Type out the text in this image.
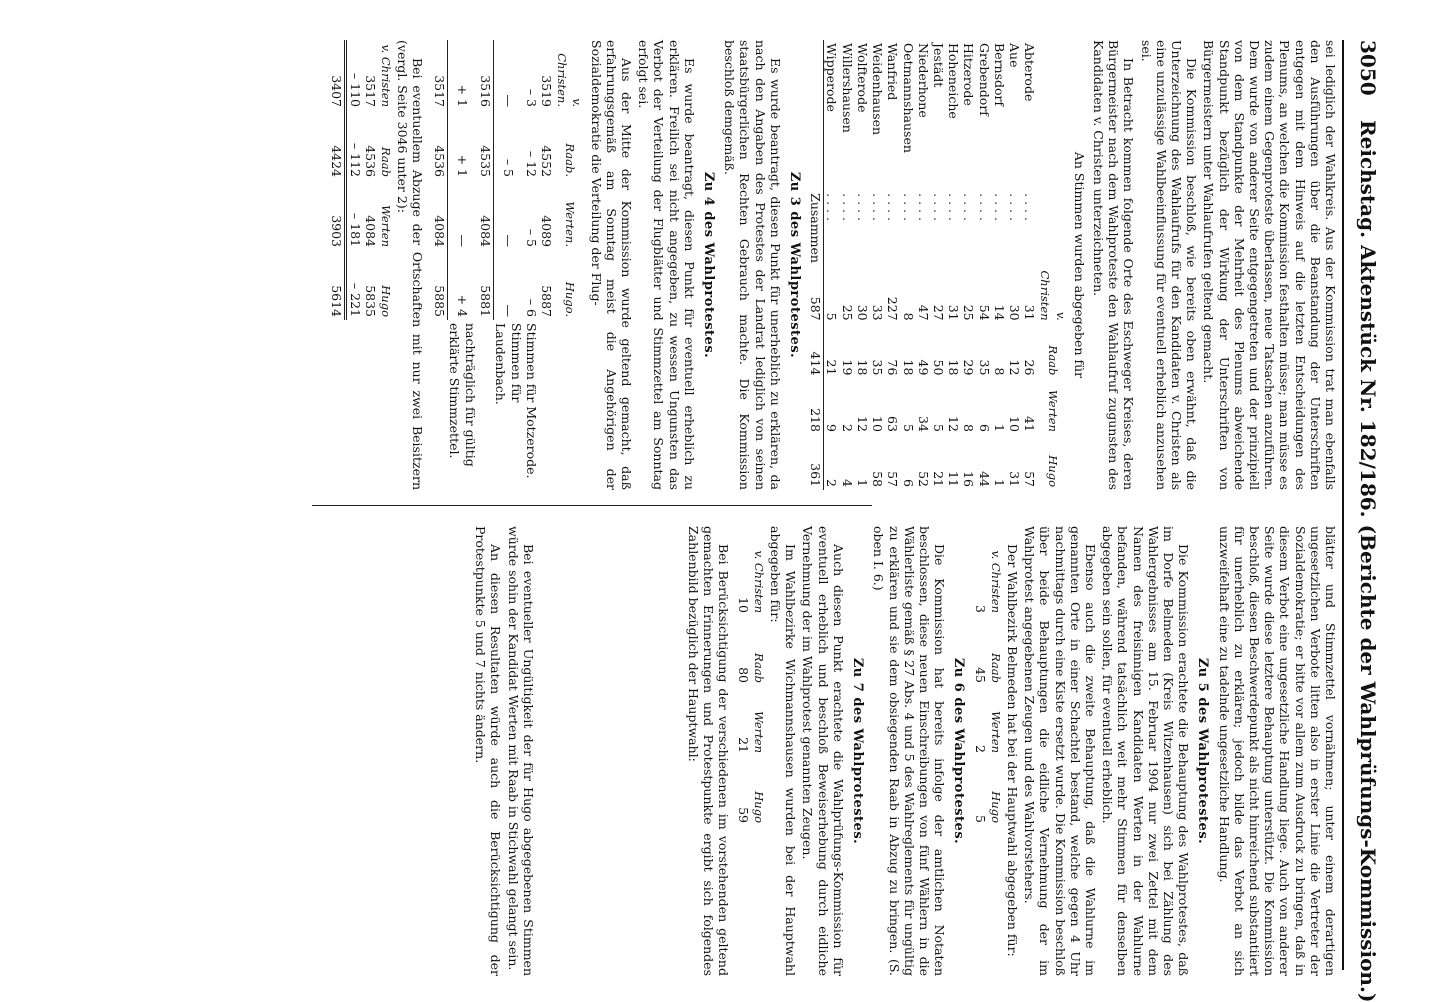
3050
Reichstag. Aktenstück Nr. 182/186. (Berichte der Wahlprüfungs-Kommission.)

sei lediglich der Wahlkreis. Aus der Kommission trat man ebenfalls den Ausführungen über die Beanstandung der Unterschriften entgegen mit dem Hinweis auf die letzten Entscheidungen des Plenums, an welchen die Kommission festhalten müsse; man müsse es zudem einem Gegenproteste überlassen, neue Tatsachen anzuführen. Dem wurde von anderer Seite entgegengetreten und der prinzipiell von dem Standpunkte der Mehrheit des Plenums abweichende Standpunkt bezüglich der Wirkung der Unterschriften von Bürgermeistern unter Wahlaufrufen geltend gemacht.

Die Kommission beschloß, wie bereits oben erwähnt, daß die Unterzeichnung des Wahlaufrufs für den Kandidaten v. Christen als eine unzulässige Wahlbeeinflussung für eventuell erheblich anzusehen sei.

In Betracht kommen folgende Orte des Eschweger Kreises, deren Bürgermeister nach dem Wahlproteste den Wahlaufruf zugunsten des Kandidaten v. Christen unterzeichneten.

An Stimmen wurden abgegeben für

		v. Christen	Raab	Werten	Hugo
Abterode	. . . .	31	26	41	57
Aue	. . . .	30	12	10	31
Bernsdorf	. . . .	14	8	1	1
Grebendorf	. . . .	54	35	6	44
Hitzerode	. . . .	25	29	8	16
Hoheneiche	. . . .	31	18	12	11
Jestädt	. . . .	27	50	5	21
Niederhone	. . . .	47	49	34	52
Oetmannshausen	. . . .	8	18	5	6
Wanfried	. . . .	227	76	63	57
Weidenhausen	. . . .	33	35	10	58
Wolfterode	. . . .	30	18	12	1
Willershausen	. . . .	25	19	2	4
Wipperode	. . . .	5	21	9	2
	Zusammen	587	414	218	361
Zu 3 des Wahlprotestes.

Es wurde beantragt, diesen Punkt für unerheblich zu erklären, da nach den Angaben des Protestes der Landrat lediglich von seinen staatsbürgerlichen Rechten Gebrauch machte. Die Kommission beschloß demgemäß.

Zu 4 des Wahlprotestes.

Es wurde beantragt, diesen Punkt für eventuell erheblich zu erklären. Freilich sei nicht angegeben, zu wessen Ungunsten das Verbot der Verteilung der Flugblätter und Stimmzettel am Sonntag erfolgt sei.

Aus der Mitte der Kommission wurde geltend gemacht, daß erfahrungsgemäß am Sonntag meist die Angehörigen der Sozialdemokratie die Verteilung der Flug-

v. Christen.	Raab.	Werten.	Hugo.	
3519	4552	4089	5887	
– 3	– 12	– 5	– 6	Stimmen für Motzerode.
—	– 5	—	—	Stimmen für Laudenbach.
3516	4535	4084	5881	
+ 1	+ 1	—	+ 4	nachträglich für gültig erklärte Stimmzettel.
3517	4536	4084	5885	

Bei eventuellem Abzuge der Ortschaften mit nur zwei Beisitzern (vergl. Seite 3046 unter 2):

v. Christen	Raab	Werten	Hugo
3517	4536	4084	5835
– 110	– 112	– 181	– 221
3407	4424	3903	5614

blätter und Stimmzettel vornähmen; unter einem derartigen ungesetzlichen Verbote litten also in erster Linie die Vertreter der Sozialdemokratie; er bitte vor allem zum Ausdruck zu bringen, daß in diesem Verbot eine ungesetzliche Handlung liege. Auch von anderer Seite wurde diese letztere Behauptung unterstützt. Die Kommission beschloß, diesen Beschwerdepunkt als nicht hinreichend substantiiert für unerheblich zu erklären; jedoch bilde das Verbot an sich unzweifelhaft eine zu tadelnde ungesetzliche Handlung.

Zu 5 des Wahlprotestes.

Die Kommission erachtete die Behauptung des Wahlprotestes, daß im Dorfe Belmeden (Kreis Witzenhausen) sich bei Zählung des Wahlergebnisses am 15. Februar 1904 nur zwei Zettel mit dem Namen des freisinnigen Kandidaten Werten in der Wahlurne befanden, während tatsächlich weit mehr Stimmen für denselben abgegeben sein sollen, für eventuell erheblich.

Ebenso auch die zweite Behauptung, daß die Wahlurne im genannten Orte in einer Schachtel bestand, welche gegen 4 Uhr nachmittags durch eine Kiste ersetzt wurde. Die Kommission beschloß über beide Behauptungen die eidliche Vernehmung der im Wahlprotest angegebenen Zeugen und des Wahlvorstehers.

Der Wahlbezirk Belmeden hat bei der Hauptwahl abgegeben für:

v. Christen	Raab	Werten	Hugo
3	45	2	5
Zu 6 des Wahlprotestes.

Die Kommission hat bereits infolge der amtlichen Notaten beschlossen, diese neuen Einschreibungen von fünf Wählern in die Wählerliste gemäß § 27 Abs. 4 und 5 des Wahlreglements für ungültig zu erklären und sie dem obsiegenden Raab in Abzug zu bringen. (S. oben I. 6.)

Zu 7 des Wahlprotestes.

Auch diesen Punkt erachtete die Wahlprüfungs-Kommission für eventuell erheblich und beschloß Beweiserhebung durch eidliche Vernehmung der im Wahlprotest genannten Zeugen.

Im Wahlbezirke Wichmannshausen wurden bei der Hauptwahl abgegeben für:

v. Christen	Raab	Werten	Hugo
10	80	21	59

Bei Berücksichtigung der verschiedenen im vorstehenden geltend gemachten Erinnerungen und Protestpunkte ergibt sich folgendes Zahlenbild bezüglich der Hauptwahl:

Bei eventueller Ungültigkeit der für Hugo abgegebenen Stimmen würde sohin der Kandidat Werten mit Raab in Stichwahl gelangt sein.

An diesen Resultaten würde auch die Berücksichtigung der Protestpunkte 5 und 7 nichts ändern.
